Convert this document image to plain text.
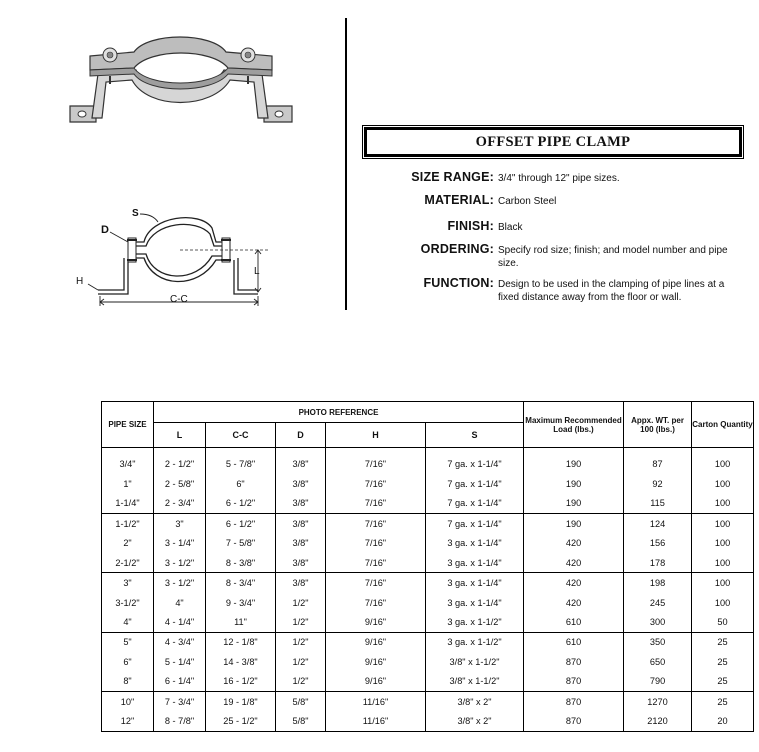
S
D
H
L
C-C
OFFSET PIPE CLAMP
SIZE RANGE: 3/4" through 12" pipe sizes.
MATERIAL: Carbon Steel
FINISH: Black
ORDERING: Specify rod size; finish; and model number and pipe size.
FUNCTION: Design to be used in the clamping of pipe lines at a fixed distance away from the floor or wall.
PIPE SIZE	PHOTO REFERENCE					Maximum Recommended Load (lbs.)	Appx. WT. per 100 (lbs.)	Carton Quantity
	L	C-C	D	H	S			
3/4"	2 - 1/2"	5 - 7/8"	3/8"	7/16"	7 ga. x 1-1/4"	190	87	100
1"	2 - 5/8"	6"	3/8"	7/16"	7 ga. x 1-1/4"	190	92	100
1-1/4"	2 - 3/4"	6 - 1/2"	3/8"	7/16"	7 ga. x 1-1/4"	190	115	100
1-1/2"	3"	6 - 1/2"	3/8"	7/16"	7 ga. x 1-1/4"	190	124	100
2"	3 - 1/4"	7 - 5/8"	3/8"	7/16"	3 ga. x 1-1/4"	420	156	100
2-1/2"	3 - 1/2"	8 - 3/8"	3/8"	7/16"	3 ga. x 1-1/4"	420	178	100
3"	3 - 1/2"	8 - 3/4"	3/8"	7/16"	3 ga. x 1-1/4"	420	198	100
3-1/2"	4"	9 - 3/4"	1/2"	7/16"	3 ga. x 1-1/4"	420	245	100
4"	4 - 1/4"	11"	1/2"	9/16"	3 ga. x 1-1/2"	610	300	50
5"	4 - 3/4"	12 - 1/8"	1/2"	9/16"	3 ga. x 1-1/2"	610	350	25
6"	5 - 1/4"	14 - 3/8"	1/2"	9/16"	3/8" x 1-1/2"	870	650	25
8"	6 - 1/4"	16 - 1/2"	1/2"	9/16"	3/8" x 1-1/2"	870	790	25
10"	7 - 3/4"	19 - 1/8"	5/8"	11/16"	3/8" x 2"	870	1270	25
12"	8 - 7/8"	25 - 1/2"	5/8"	11/16"	3/8" x 2"	870	2120	20
